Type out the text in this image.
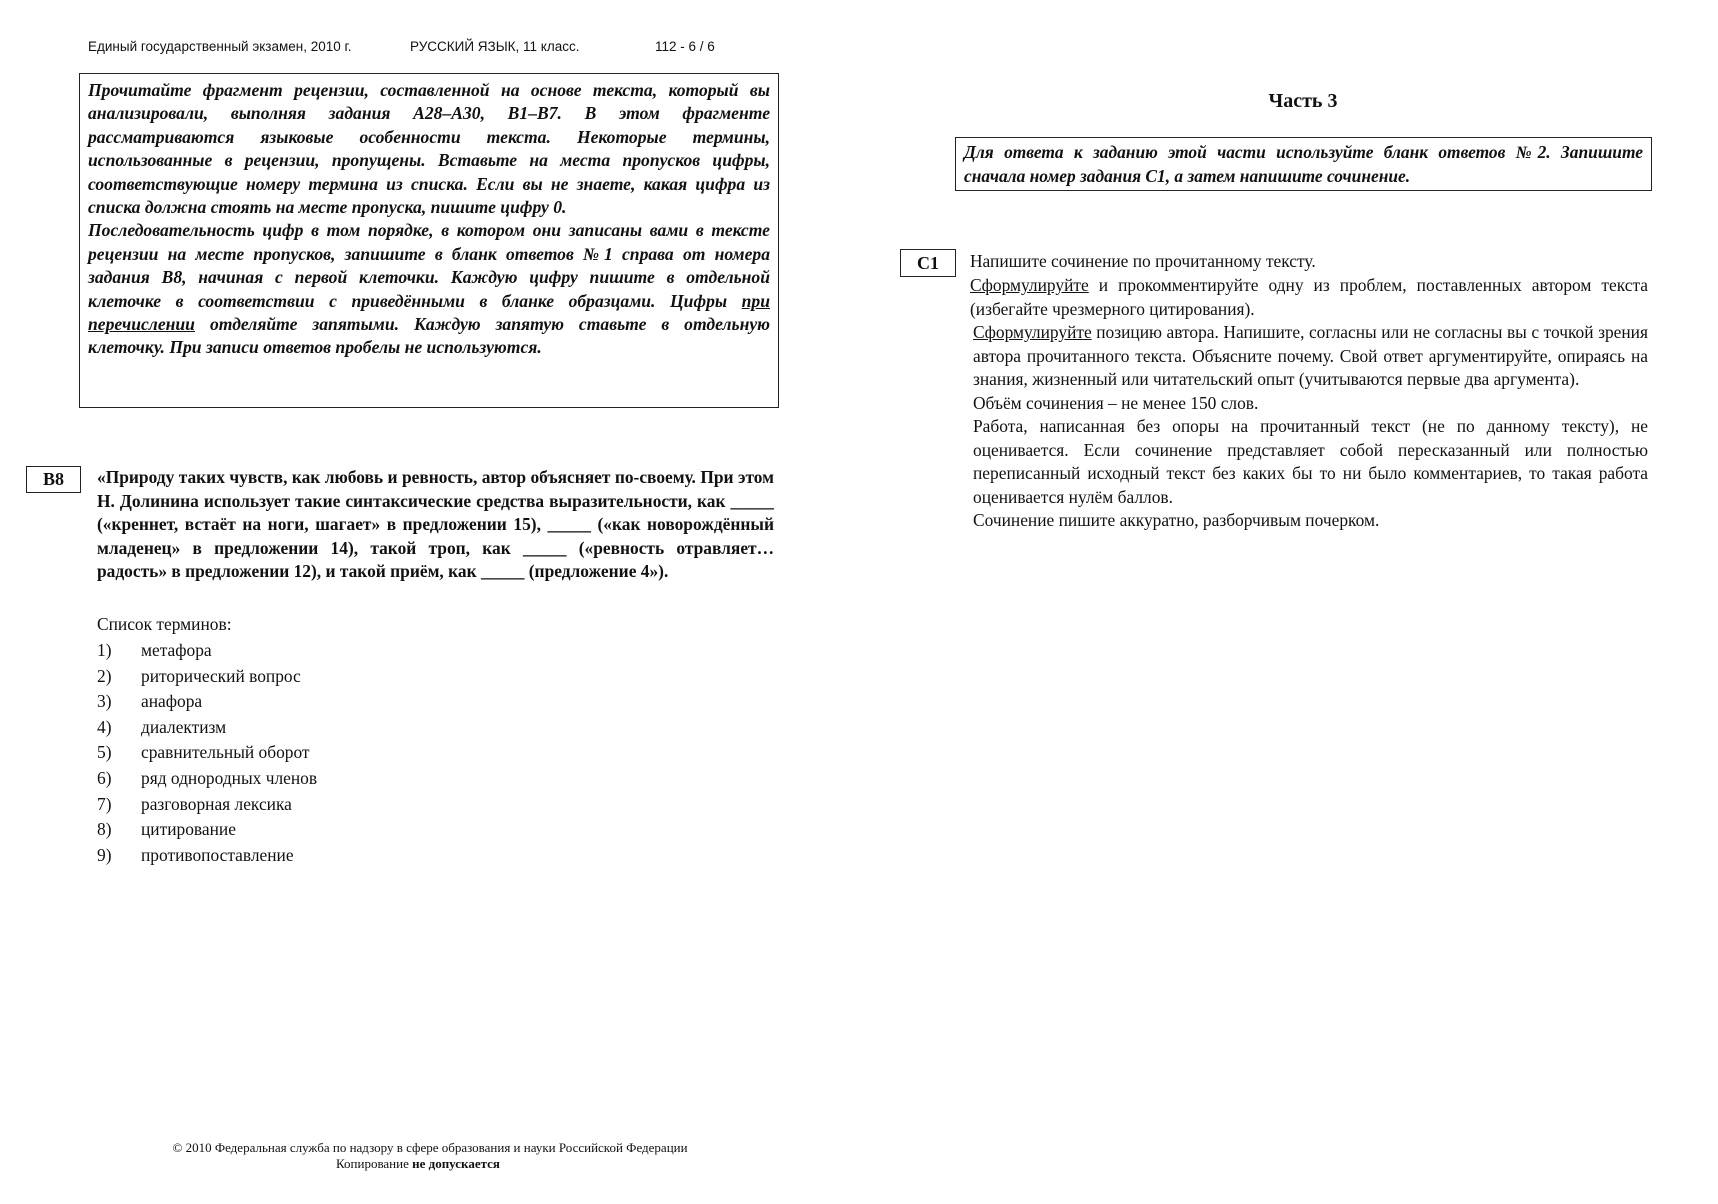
Единый государственный экзамен, 2010 г.	РУССКИЙ ЯЗЫК, 11 класс.	112 - 6 / 6

Прочитайте фрагмент рецензии, составленной на основе текста, который вы анализировали, выполняя задания А28–А30, В1–В7. В этом фрагменте рассматриваются языковые особенности текста. Некоторые термины, использованные в рецензии, пропущены. Вставьте на места пропусков цифры, соответствующие номеру термина из списка. Если вы не знаете, какая цифра из списка должна стоять на месте пропуска, пишите цифру 0.

Последовательность цифр в том порядке, в котором они записаны вами в тексте рецензии на месте пропусков, запишите в бланк ответов №1 справа от номера задания В8, начиная с первой клеточки. Каждую цифру пишите в отдельной клеточке в соответствии с приведёнными в бланке образцами. Цифры при перечислении отделяйте запятыми. Каждую запятую ставьте в отдельную клеточку. При записи ответов пробелы не используются.

В8	«Природу таких чувств, как любовь и ревность, автор объясняет по-своему. При этом Н. Долинина использует такие синтаксические средства выразительности, как _____ («креннет, встаёт на ноги, шагает» в предложении 15), _____ («как новорождённый младенец» в предложении 14), такой троп, как _____ («ревность отравляет… радость» в предложении 12), и такой приём, как _____ (предложение 4»).
Список терминов:
1) метафора
2) риторический вопрос
3) анафора
4) диалектизм
5) сравнительный оборот
6) ряд однородных членов
7) разговорная лексика
8) цитирование
9) противопоставление
Часть 3
Для ответа к заданию этой части используйте бланк ответов №2. Запишите сначала номер задания С1, а затем напишите сочинение.
С1	Напишите сочинение по прочитанному тексту.

Сформулируйте и прокомментируйте одну из проблем, поставленных автором текста (избегайте чрезмерного цитирования).

Сформулируйте позицию автора. Напишите, согласны или не согласны вы с точкой зрения автора прочитанного текста. Объясните почему. Свой ответ аргументируйте, опираясь на знания, жизненный или читательский опыт (учитываются первые два аргумента).

Объём сочинения – не менее 150 слов.

Работа, написанная без опоры на прочитанный текст (не по данному тексту), не оценивается. Если сочинение представляет собой пересказанный или полностью переписанный исходный текст без каких бы то ни было комментариев, то такая работа оценивается нулём баллов.

Сочинение пишите аккуратно, разборчивым почерком.

© 2010 Федеральная служба по надзору в сфере образования и науки Российской Федерации
Копирование не допускается
